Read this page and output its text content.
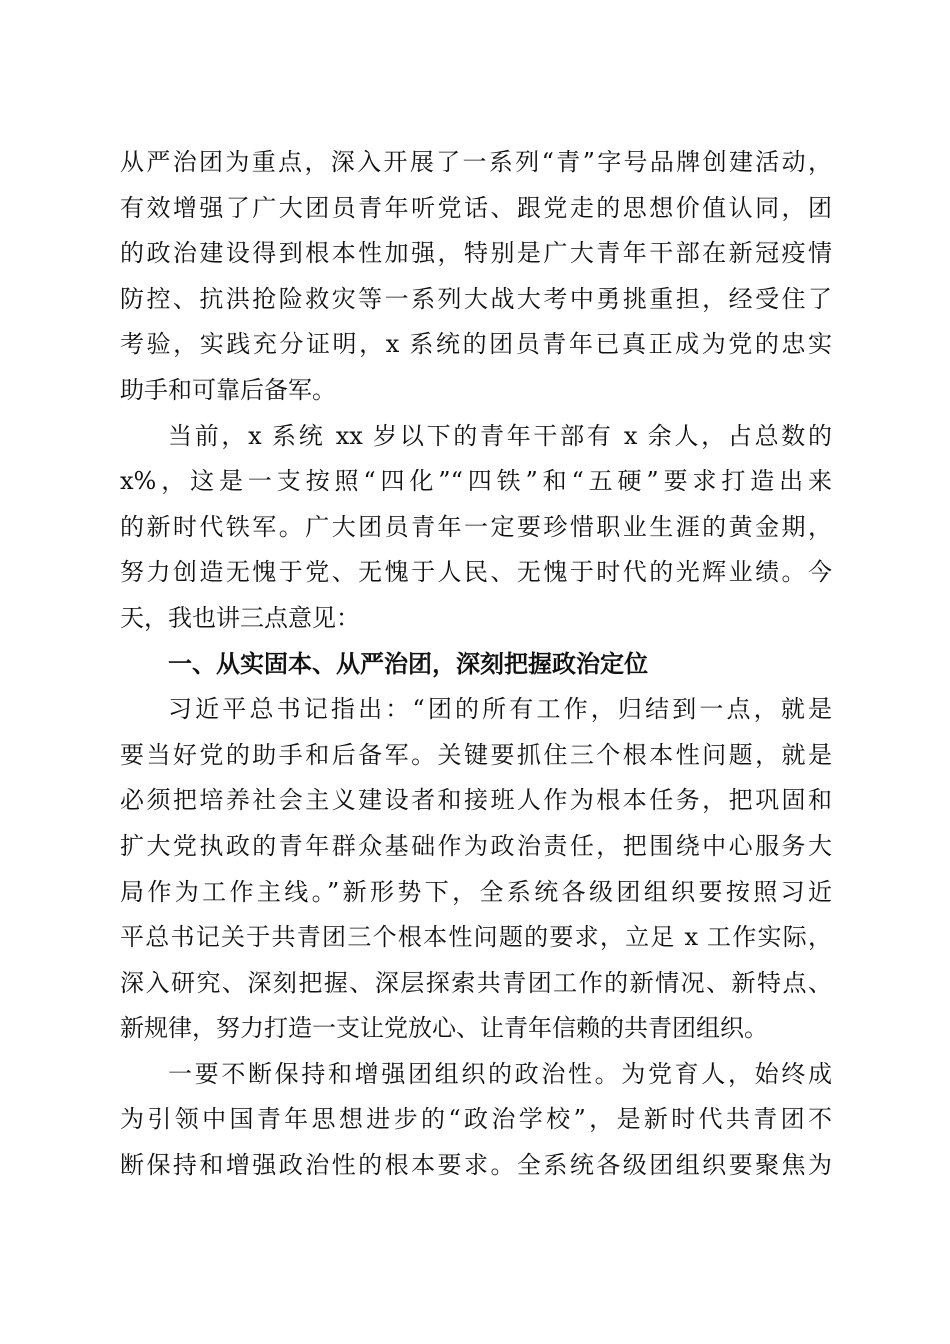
从严治团为重点，深入开展了一系列“青”字号品牌创建活动，
有效增强了广大团员青年听党话、跟党走的思想价值认同，团
的政治建设得到根本性加强，特别是广大青年干部在新冠疫情
防控、抗洪抢险救灾等一系列大战大考中勇挑重担，经受住了
考验，实践充分证明，x 系统的团员青年已真正成为党的忠实
助手和可靠后备军。
当前，x 系统 xx 岁以下的青年干部有 x 余人，占总数的
x%，这是一支按照“四化”“四铁”和“五硬”要求打造出来
的新时代铁军。广大团员青年一定要珍惜职业生涯的黄金期，
努力创造无愧于党、无愧于人民、无愧于时代的光辉业绩。今
天，我也讲三点意见：
一、从实固本、从严治团，深刻把握政治定位
习近平总书记指出：“团的所有工作，归结到一点，就是
要当好党的助手和后备军。关键要抓住三个根本性问题，就是
必须把培养社会主义建设者和接班人作为根本任务，把巩固和
扩大党执政的青年群众基础作为政治责任，把围绕中心服务大
局作为工作主线。”新形势下，全系统各级团组织要按照习近
平总书记关于共青团三个根本性问题的要求，立足 x 工作实际，
深入研究、深刻把握、深层探索共青团工作的新情况、新特点、
新规律，努力打造一支让党放心、让青年信赖的共青团组织。
一要不断保持和增强团组织的政治性。为党育人，始终成
为引领中国青年思想进步的“政治学校”，是新时代共青团不
断保持和增强政治性的根本要求。全系统各级团组织要聚焦为
